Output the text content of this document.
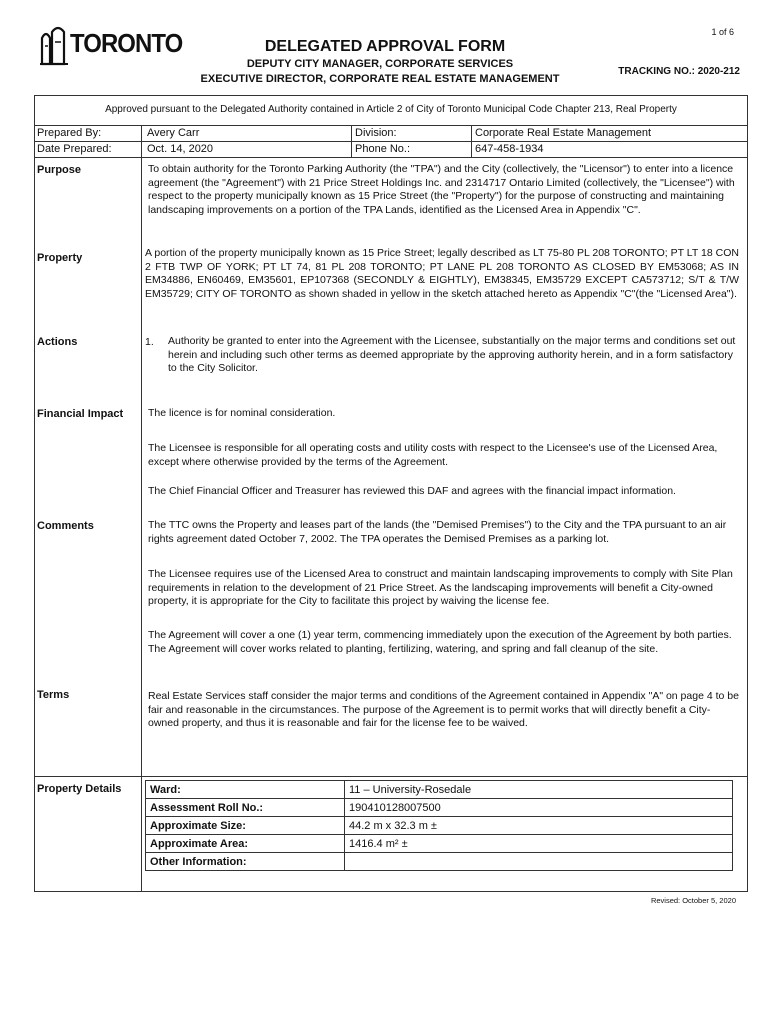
1 of 6
TORONTO	DELEGATED APPROVAL FORM
DEPUTY CITY MANAGER, CORPORATE SERVICES
EXECUTIVE DIRECTOR, CORPORATE REAL ESTATE MANAGEMENT
TRACKING NO.: 2020-212
Approved pursuant to the Delegated Authority contained in Article 2 of City of Toronto Municipal Code Chapter 213, Real Property
Prepared By:	Avery Carr	Division:	Corporate Real Estate Management
Date Prepared:	Oct. 14, 2020	Phone No.:	647-458-1934
Purpose	To obtain authority for the Toronto Parking Authority (the "TPA") and the City (collectively, the "Licensor") to enter into a licence agreement (the "Agreement") with 21 Price Street Holdings Inc. and 2314717 Ontario Limited (collectively, the "Licensee") with respect to the property municipally known as 15 Price Street (the "Property") for the purpose of constructing and maintaining landscaping improvements on a portion of the TPA Lands, identified as the Licensed Area in Appendix "C".
Property	A portion of the property municipally known as 15 Price Street; legally described as LT 75-80 PL 208 TORONTO; PT LT 18 CON 2 FTB TWP OF YORK; PT LT 74, 81 PL 208 TORONTO; PT LANE PL 208 TORONTO AS CLOSED BY EM53068; AS IN EM34886, EN60469, EM35601, EP107368 (SECONDLY & EIGHTLY), EM38345, EM35729 EXCEPT CA573712; S/T & T/W EM35729; CITY OF TORONTO as shown shaded in yellow in the sketch attached hereto as Appendix "C"(the "Licensed Area").
Actions	1. Authority be granted to enter into the Agreement with the Licensee, substantially on the major terms and conditions set out herein and including such other terms as deemed appropriate by the approving authority herein, and in a form satisfactory to the City Solicitor.
Financial Impact The licence is for nominal consideration.
The Licensee is responsible for all operating costs and utility costs with respect to the Licensee's use of the Licensed Area, except where otherwise provided by the terms of the Agreement.
The Chief Financial Officer and Treasurer has reviewed this DAF and agrees with the financial impact information.
Comments	The TTC owns the Property and leases part of the lands (the "Demised Premises") to the City and the TPA pursuant to an air rights agreement dated October 7, 2002. The TPA operates the Demised Premises as a parking lot.
The Licensee requires use of the Licensed Area to construct and maintain landscaping improvements to comply with Site Plan requirements in relation to the development of 21 Price Street. As the landscaping improvements will benefit a City-owned property, it is appropriate for the City to facilitate this project by waiving the license fee.
The Agreement will cover a one (1) year term, commencing immediately upon the execution of the Agreement by both parties. The Agreement will cover works related to planting, fertilizing, watering, and spring and fall cleanup of the site.
Terms	Real Estate Services staff consider the major terms and conditions of the Agreement contained in Appendix "A" on page 4 to be fair and reasonable in the circumstances. The purpose of the Agreement is to permit works that will directly benefit a City-owned property, and thus it is reasonable and fair for the license fee to be waived.
Property Details	Ward:	11 – University-Rosedale
Assessment Roll No.:	190410128007500
Approximate Size:	44.2 m x 32.3 m ±
Approximate Area:	1416.4 m² ±
Other Information:	
Revised: October 5, 2020
